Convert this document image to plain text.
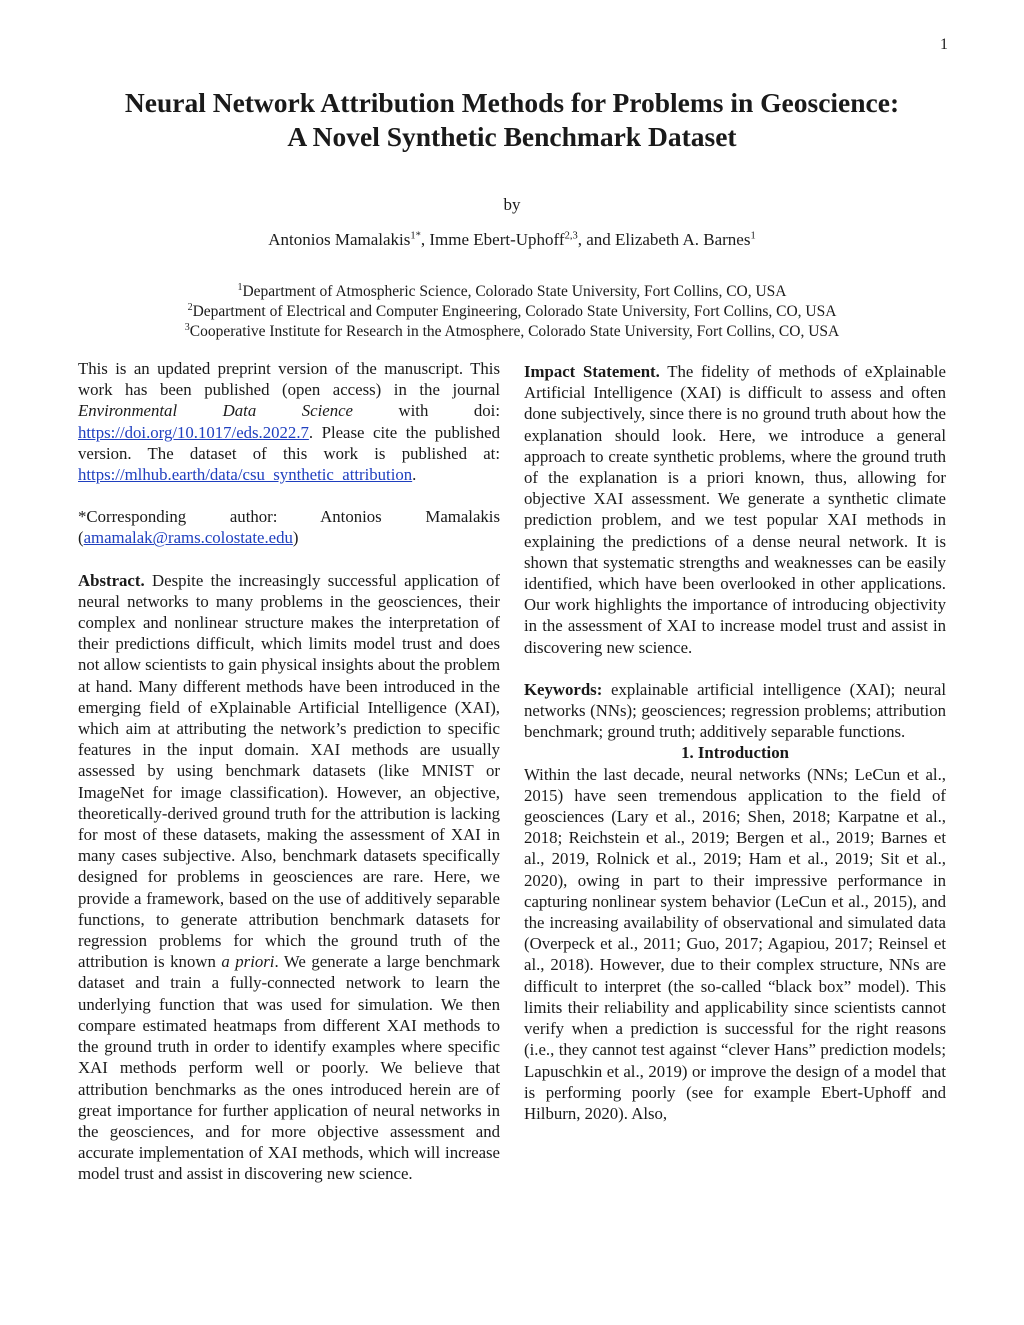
1
Neural Network Attribution Methods for Problems in Geoscience:
A Novel Synthetic Benchmark Dataset
by
Antonios Mamalakis$^{1*}$, Imme Ebert-Uphoff$^{2,3}$, and Elizabeth A. Barnes$^1$
$^1$Department of Atmospheric Science, Colorado State University, Fort Collins, CO, USA
$^2$Department of Electrical and Computer Engineering, Colorado State University, Fort Collins, CO, USA
$^3$Cooperative Institute for Research in the Atmosphere, Colorado State University, Fort Collins, CO, USA

This is an updated preprint version of the manuscript. This work has been published (open access) in the journal Environmental Data Science with doi: https://doi.org/10.1017/eds.2022.7. Please cite the published version. The dataset of this work is published at: https://mlhub.earth/data/csu_synthetic_attribution.

*Corresponding author: Antonios Mamalakis (amamalak@rams.colostate.edu)

Abstract. Despite the increasingly successful application of neural networks to many problems in the geosciences, their complex and nonlinear structure makes the interpretation of their predictions difficult, which limits model trust and does not allow scientists to gain physical insights about the problem at hand. Many different methods have been introduced in the emerging field of eXplainable Artificial Intelligence (XAI), which aim at attributing the network’s prediction to specific features in the input domain. XAI methods are usually assessed by using benchmark datasets (like MNIST or ImageNet for image classification). However, an objective, theoretically-derived ground truth for the attribution is lacking for most of these datasets, making the assessment of XAI in many cases subjective. Also, benchmark datasets specifically designed for problems in geosciences are rare. Here, we provide a framework, based on the use of additively separable functions, to generate attribution benchmark datasets for regression problems for which the ground truth of the attribution is known a priori. We generate a large benchmark dataset and train a fully-connected network to learn the underlying function that was used for simulation. We then compare estimated heatmaps from different XAI methods to the ground truth in order to identify examples where specific XAI methods perform well or poorly. We believe that attribution benchmarks as the ones introduced herein are of great importance for further application of neural networks in the geosciences, and for more objective assessment and accurate implementation of XAI methods, which will increase model trust and assist in discovering new science.

Impact Statement. The fidelity of methods of eXplainable Artificial Intelligence (XAI) is difficult to assess and often done subjectively, since there is no ground truth about how the explanation should look. Here, we introduce a general approach to create synthetic problems, where the ground truth of the explanation is a priori known, thus, allowing for objective XAI assessment. We generate a synthetic climate prediction problem, and we test popular XAI methods in explaining the predictions of a dense neural network. It is shown that systematic strengths and weaknesses can be easily identified, which have been overlooked in other applications. Our work highlights the importance of introducing objectivity in the assessment of XAI to increase model trust and assist in discovering new science.

Keywords: explainable artificial intelligence (XAI); neural networks (NNs); geosciences; regression problems; attribution benchmark; ground truth; additively separable functions.

1. Introduction

Within the last decade, neural networks (NNs; LeCun et al., 2015) have seen tremendous application to the field of geosciences (Lary et al., 2016; Shen, 2018; Karpatne et al., 2018; Reichstein et al., 2019; Bergen et al., 2019; Barnes et al., 2019, Rolnick et al., 2019; Ham et al., 2019; Sit et al., 2020), owing in part to their impressive performance in capturing nonlinear system behavior (LeCun et al., 2015), and the increasing availability of observational and simulated data (Overpeck et al., 2011; Guo, 2017; Agapiou, 2017; Reinsel et al., 2018). However, due to their complex structure, NNs are difficult to interpret (the so-called “black box” model). This limits their reliability and applicability since scientists cannot verify when a prediction is successful for the right reasons (i.e., they cannot test against “clever Hans” prediction models; Lapuschkin et al., 2019) or improve the design of a model that is performing poorly (see for example Ebert-Uphoff and Hilburn, 2020). Also,
